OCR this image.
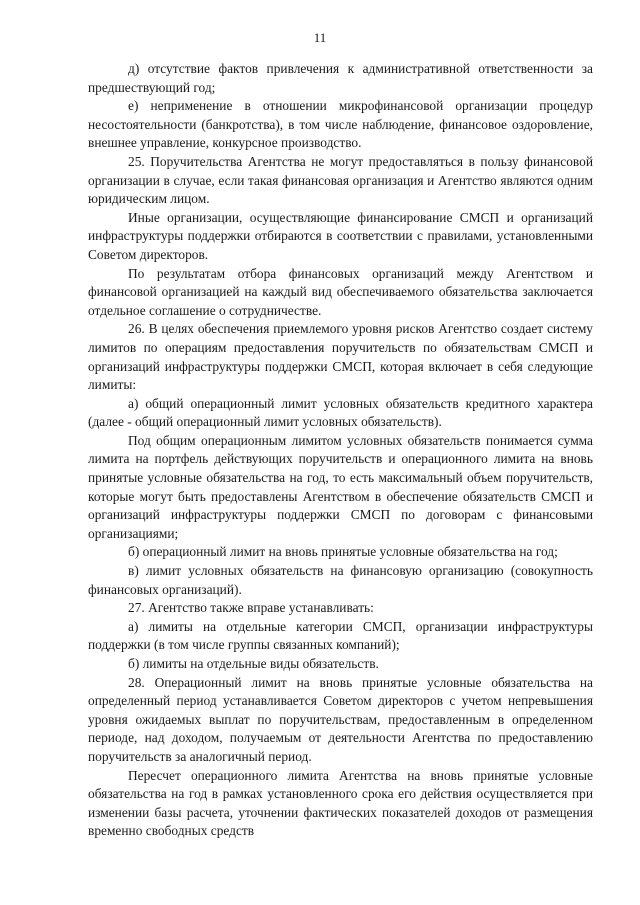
11

д) отсутствие фактов привлечения к административной ответственности за предшествующий год;

е) неприменение в отношении микрофинансовой организации процедур несостоятельности (банкротства), в том числе наблюдение, финансовое оздоровление, внешнее управление, конкурсное производство.

25. Поручительства Агентства не могут предоставляться в пользу финансовой организации в случае, если такая финансовая организация и Агентство являются одним юридическим лицом.

Иные организации, осуществляющие финансирование СМСП и организаций инфраструктуры поддержки отбираются в соответствии с правилами, установленными Советом директоров.

По результатам отбора финансовых организаций между Агентством и финансовой организацией на каждый вид обеспечиваемого обязательства заключается отдельное соглашение о сотрудничестве.

26. В целях обеспечения приемлемого уровня рисков Агентство создает систему лимитов по операциям предоставления поручительств по обязательствам СМСП и организаций инфраструктуры поддержки СМСП, которая включает в себя следующие лимиты:

а) общий операционный лимит условных обязательств кредитного характера (далее - общий операционный лимит условных обязательств).

Под общим операционным лимитом условных обязательств понимается сумма лимита на портфель действующих поручительств и операционного лимита на вновь принятые условные обязательства на год, то есть максимальный объем поручительств, которые могут быть предоставлены Агентством в обеспечение обязательств СМСП и организаций инфраструктуры поддержки СМСП по договорам с финансовыми организациями;

б) операционный лимит на вновь принятые условные обязательства на год;

в) лимит условных обязательств на финансовую организацию (совокупность финансовых организаций).

27. Агентство также вправе устанавливать:

а) лимиты на отдельные категории СМСП, организации инфраструктуры поддержки (в том числе группы связанных компаний);

б) лимиты на отдельные виды обязательств.

28. Операционный лимит на вновь принятые условные обязательства на определенный период устанавливается Советом директоров с учетом непревышения уровня ожидаемых выплат по поручительствам, предоставленным в определенном периоде, над доходом, получаемым от деятельности Агентства по предоставлению поручительств за аналогичный период.

Пересчет операционного лимита Агентства на вновь принятые условные обязательства на год в рамках установленного срока его действия осуществляется при изменении базы расчета, уточнении фактических показателей доходов от размещения временно свободных средств
